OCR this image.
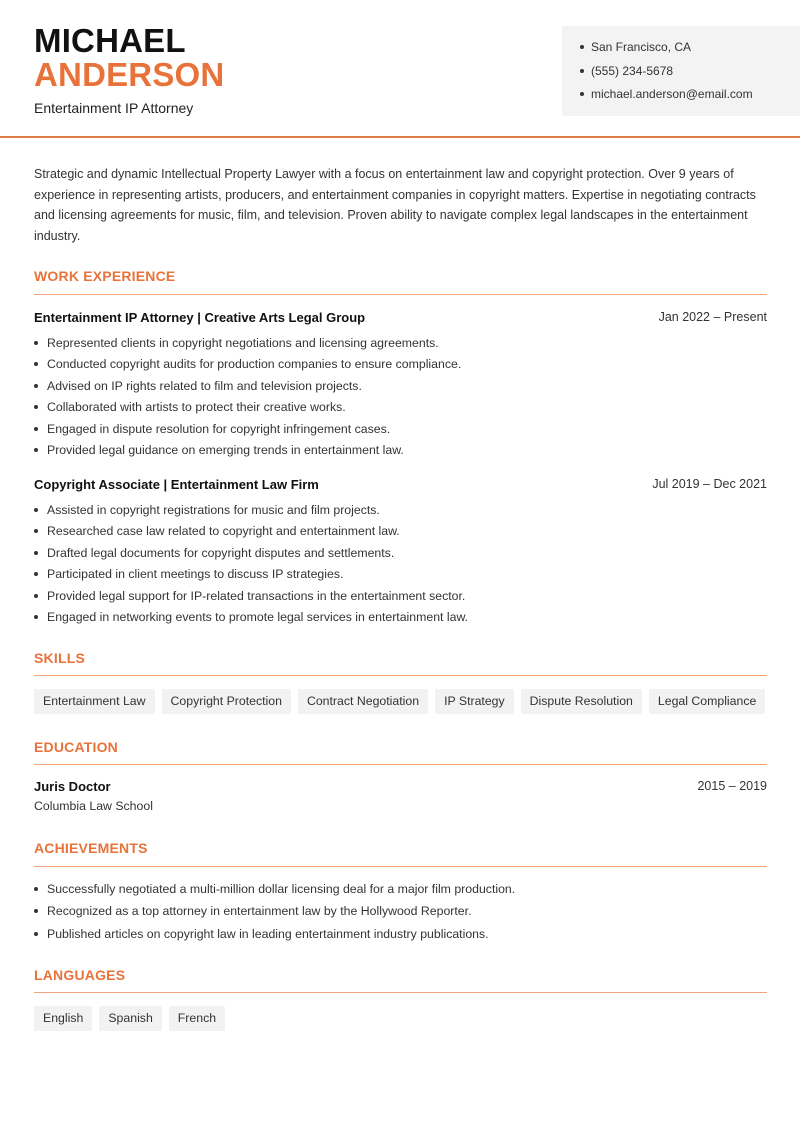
MICHAEL
ANDERSON
Entertainment IP Attorney
San Francisco, CA
(555) 234-5678
michael.anderson@email.com
Strategic and dynamic Intellectual Property Lawyer with a focus on entertainment law and copyright protection. Over 9 years of experience in representing artists, producers, and entertainment companies in copyright matters. Expertise in negotiating contracts and licensing agreements for music, film, and television. Proven ability to navigate complex legal landscapes in the entertainment industry.
WORK EXPERIENCE
Entertainment IP Attorney | Creative Arts Legal Group	Jan 2022 – Present
Represented clients in copyright negotiations and licensing agreements.
Conducted copyright audits for production companies to ensure compliance.
Advised on IP rights related to film and television projects.
Collaborated with artists to protect their creative works.
Engaged in dispute resolution for copyright infringement cases.
Provided legal guidance on emerging trends in entertainment law.
Copyright Associate | Entertainment Law Firm	Jul 2019 – Dec 2021
Assisted in copyright registrations for music and film projects.
Researched case law related to copyright and entertainment law.
Drafted legal documents for copyright disputes and settlements.
Participated in client meetings to discuss IP strategies.
Provided legal support for IP-related transactions in the entertainment sector.
Engaged in networking events to promote legal services in entertainment law.
SKILLS
Entertainment Law	Copyright Protection	Contract Negotiation	IP Strategy	Dispute Resolution	Legal Compliance
EDUCATION
Juris Doctor
Columbia Law School
2015 – 2019
ACHIEVEMENTS
Successfully negotiated a multi-million dollar licensing deal for a major film production.
Recognized as a top attorney in entertainment law by the Hollywood Reporter.
Published articles on copyright law in leading entertainment industry publications.
LANGUAGES
English	Spanish	French
